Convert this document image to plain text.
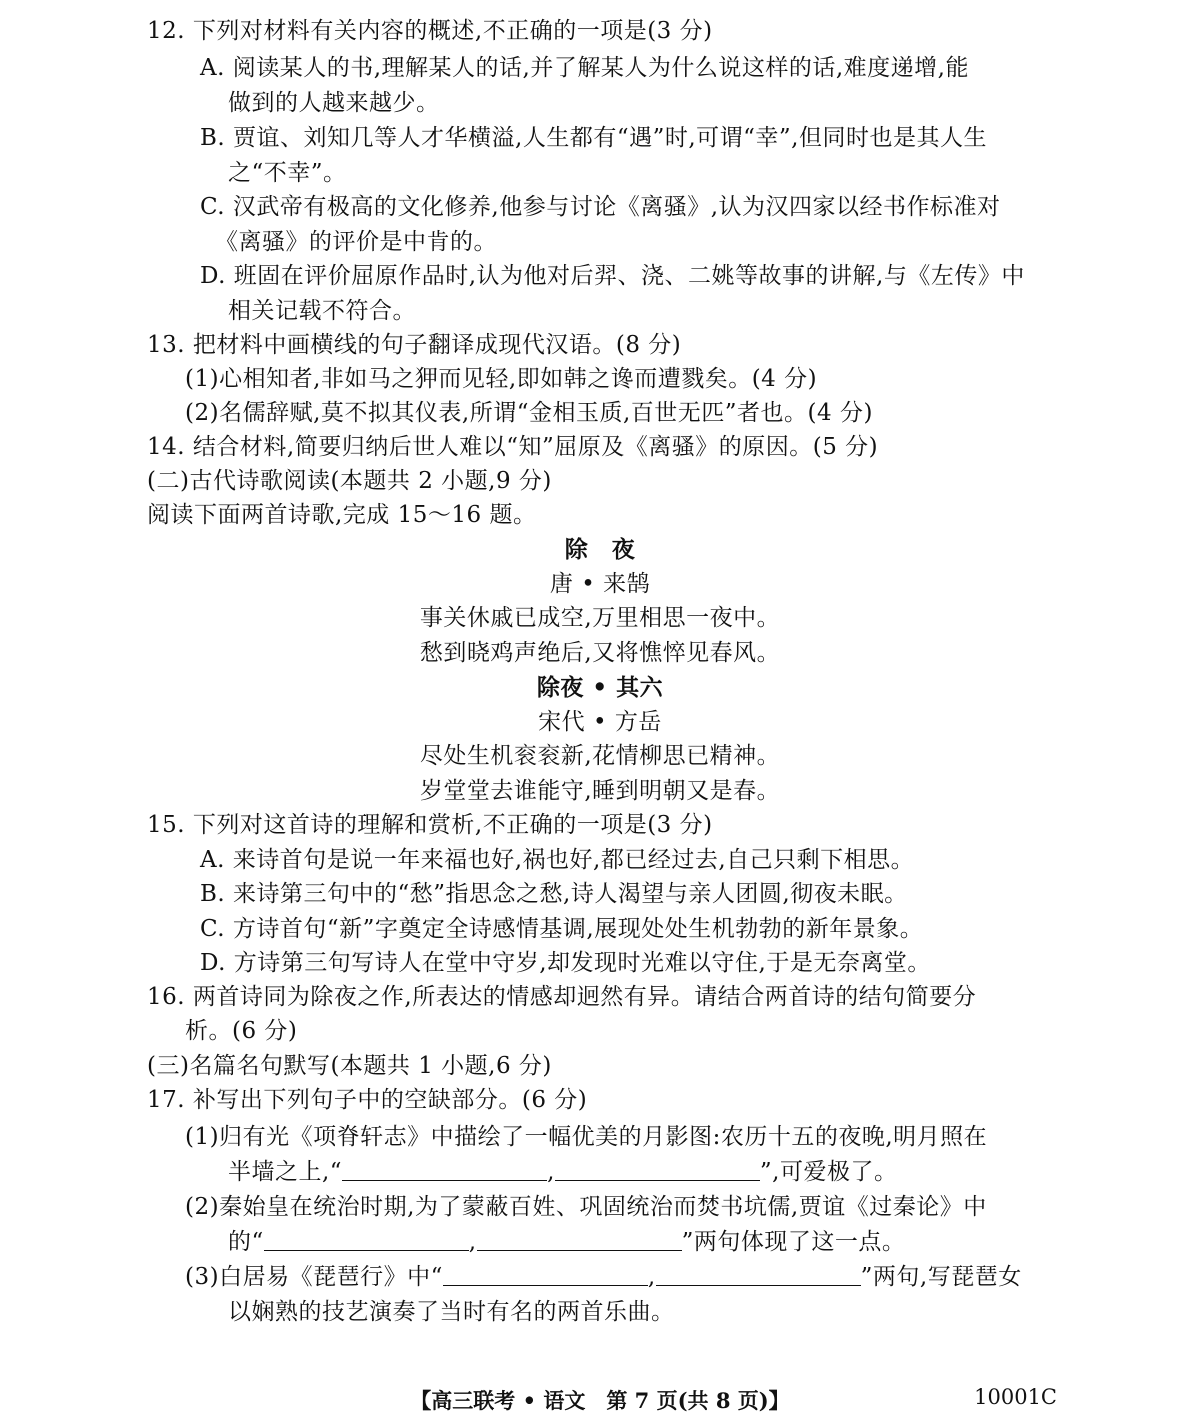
12. 下列对材料有关内容的概述,不正确的一项是(3 分)
A. 阅读某人的书,理解某人的话,并了解某人为什么说这样的话,难度递增,能
做到的人越来越少。
B. 贾谊、刘知几等人才华横溢,人生都有“遇”时,可谓“幸”,但同时也是其人生
之“不幸”。
C. 汉武帝有极高的文化修养,他参与讨论《离骚》,认为汉四家以经书作标准对
《离骚》的评价是中肯的。
D. 班固在评价屈原作品时,认为他对后羿、浇、二姚等故事的讲解,与《左传》中
相关记载不符合。
13. 把材料中画横线的句子翻译成现代汉语。(8 分)
(1)心相知者,非如马之狎而见轻,即如韩之谗而遭戮矣。(4 分)
(2)名儒辞赋,莫不拟其仪表,所谓“金相玉质,百世无匹”者也。(4 分)
14. 结合材料,简要归纳后世人难以“知”屈原及《离骚》的原因。(5 分)
(二)古代诗歌阅读(本题共 2 小题,9 分)
阅读下面两首诗歌,完成 15～16 题。
除　夜
唐 • 来鹄
事关休戚已成空,万里相思一夜中。
愁到晓鸡声绝后,又将憔悴见春风。
除夜 • 其六
宋代 • 方岳
尽处生机衮衮新,花情柳思已精神。
岁堂堂去谁能守,睡到明朝又是春。
15. 下列对这首诗的理解和赏析,不正确的一项是(3 分)
A. 来诗首句是说一年来福也好,祸也好,都已经过去,自己只剩下相思。
B. 来诗第三句中的“愁”指思念之愁,诗人渴望与亲人团圆,彻夜未眠。
C. 方诗首句“新”字奠定全诗感情基调,展现处处生机勃勃的新年景象。
D. 方诗第三句写诗人在堂中守岁,却发现时光难以守住,于是无奈离堂。
16. 两首诗同为除夜之作,所表达的情感却迥然有异。请结合两首诗的结句简要分
析。(6 分)
(三)名篇名句默写(本题共 1 小题,6 分)
17. 补写出下列句子中的空缺部分。(6 分)
(1)归有光《项脊轩志》中描绘了一幅优美的月影图:农历十五的夜晚,明月照在
半墙之上,“	,	”,可爱极了。
(2)秦始皇在统治时期,为了蒙蔽百姓、巩固统治而焚书坑儒,贾谊《过秦论》中
的“	,	”两句体现了这一点。
(3)白居易《琵琶行》中“	,	”两句,写琵琶女
以娴熟的技艺演奏了当时有名的两首乐曲。
【高三联考 • 语文　第 7 页(共 8 页)】	10001C
